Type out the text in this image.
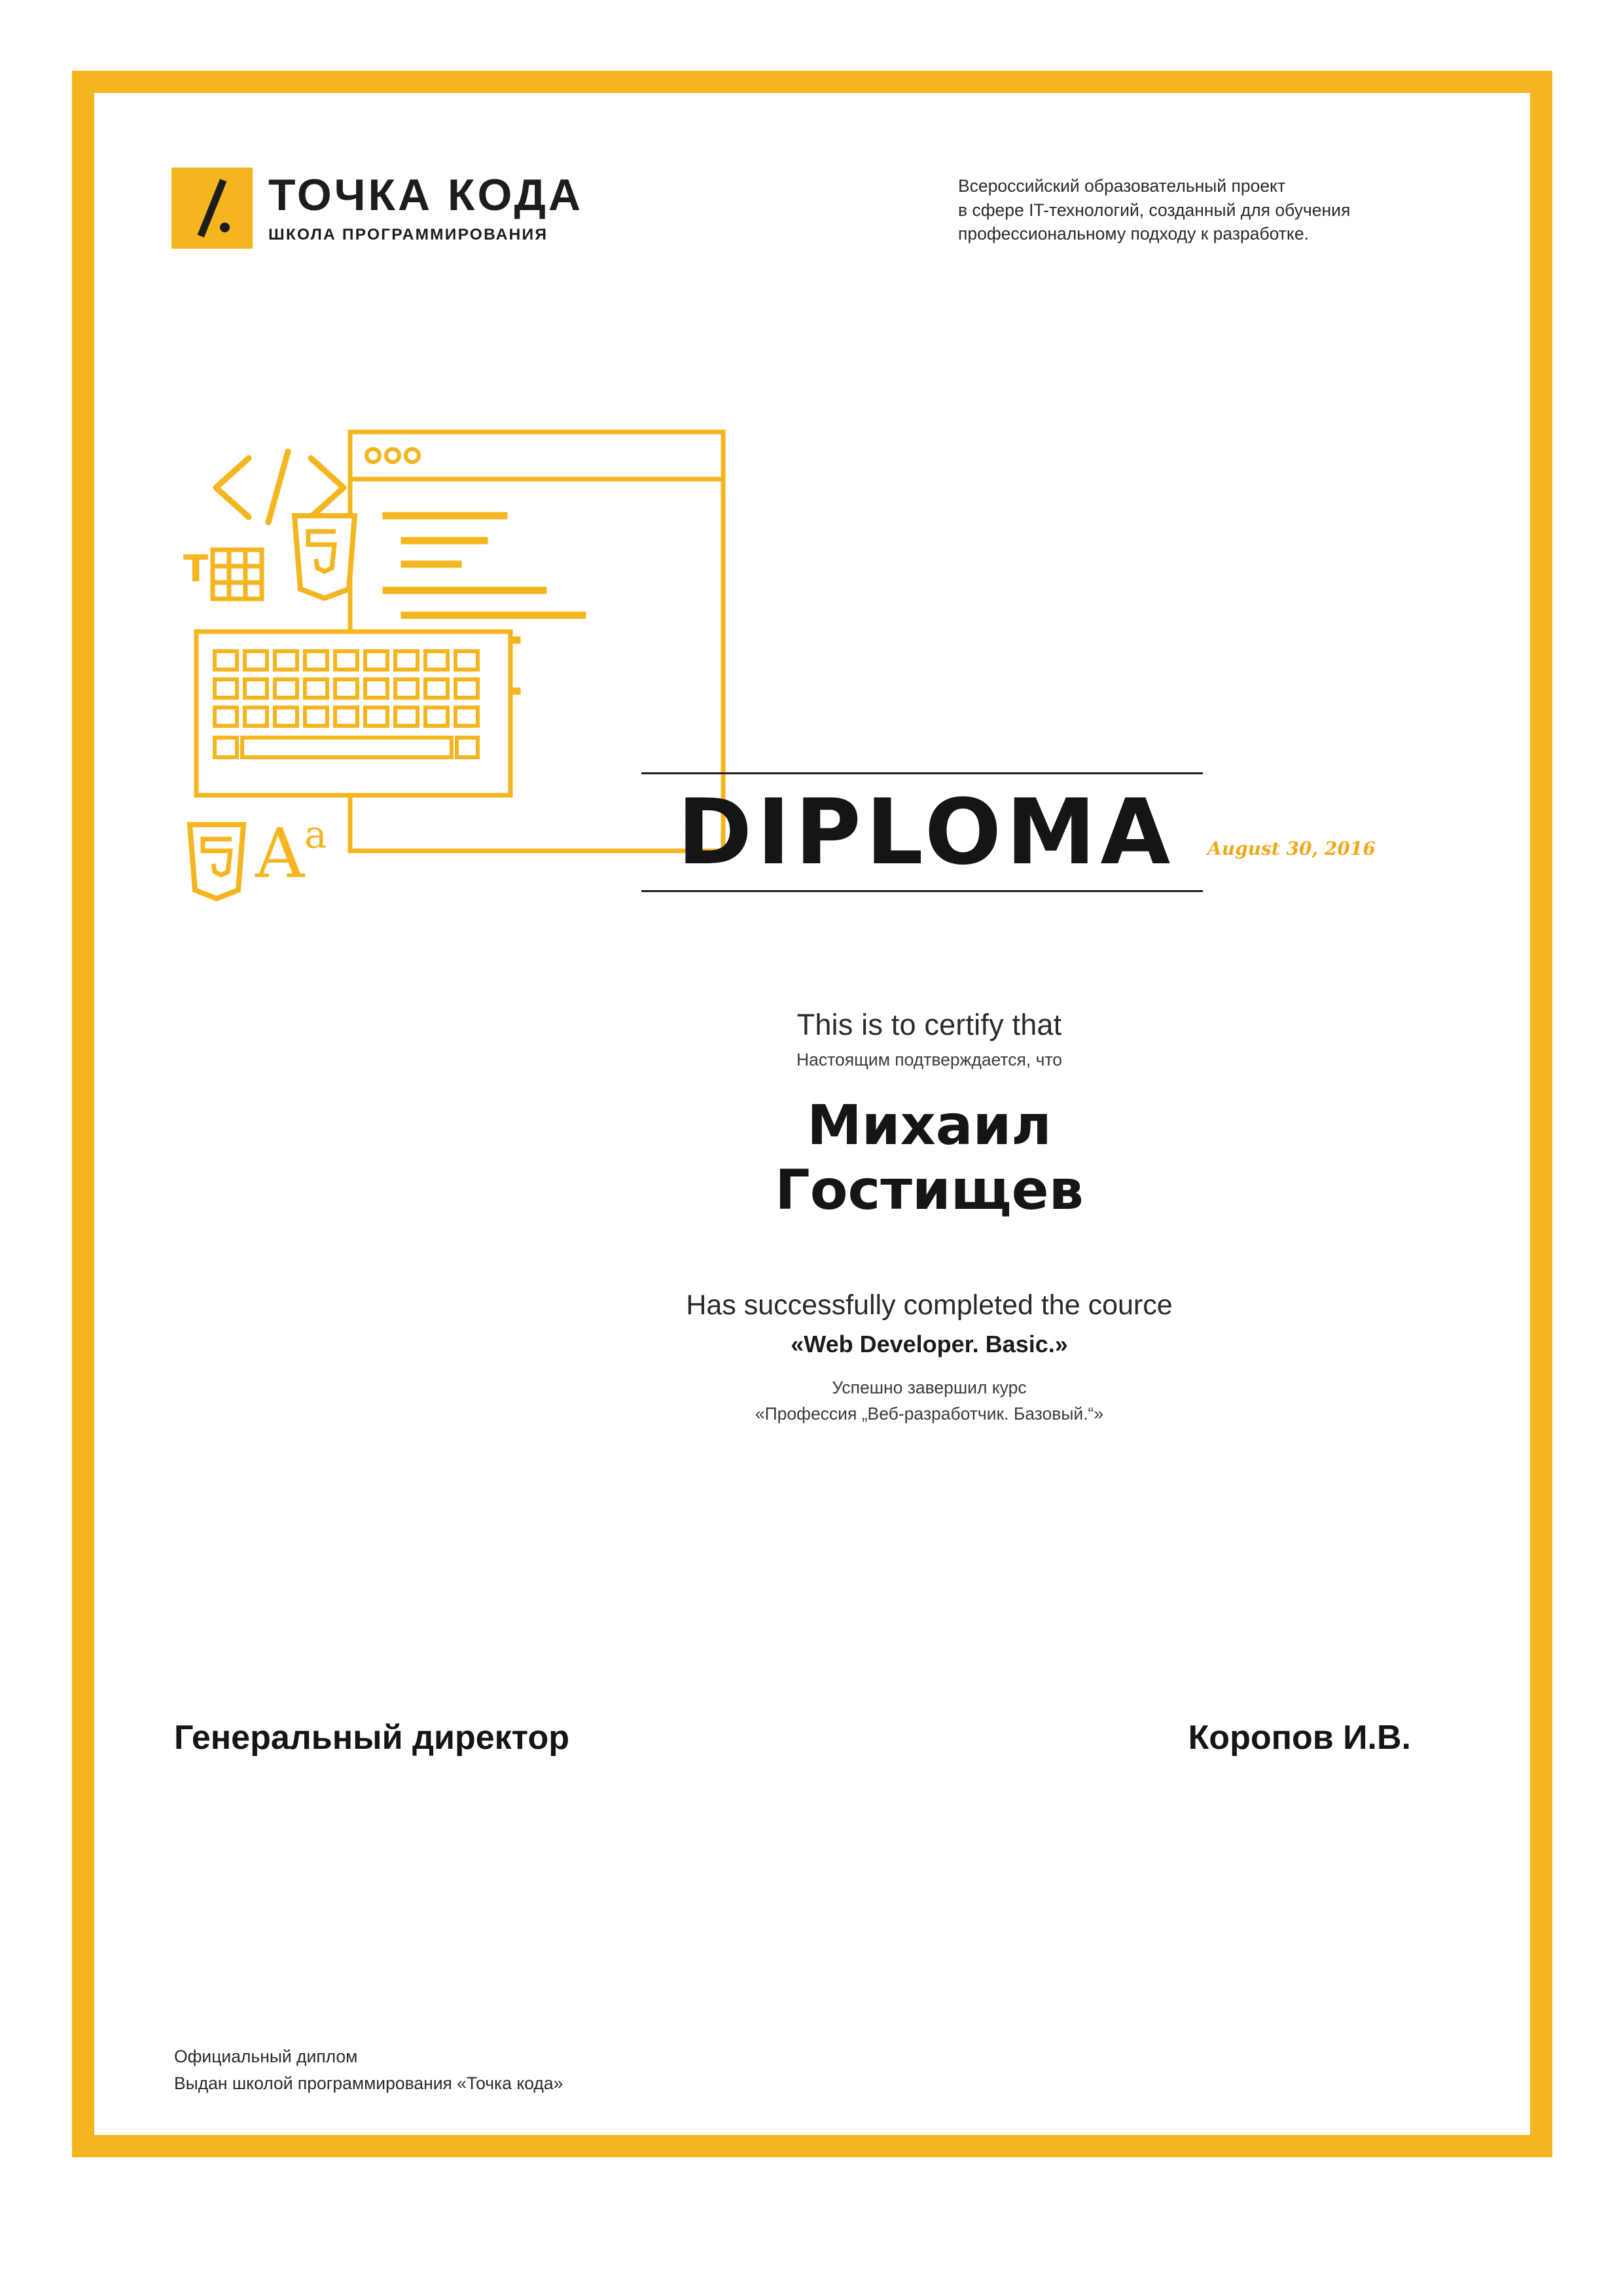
ТОЧКА КОДА
ШКОЛА ПРОГРАММИРОВАНИЯ
Всероссийский образовательный проект
в сфере IT-технологий, созданный для обучения
профессиональному подходу к разработке.
T
A a	DIPLOMA	August 30, 2016
This is to certify that
Настоящим подтверждается, что
Михаил
Гостищев
Has successfully completed the cource
«Web Developer. Basic.»
Успешно завершил курс
«Профессия „Веб-разработчик. Базовый.“»
Генеральный директор	Коропов И.В.
Официальный диплом
Выдан школой программирования «Точка кода»
